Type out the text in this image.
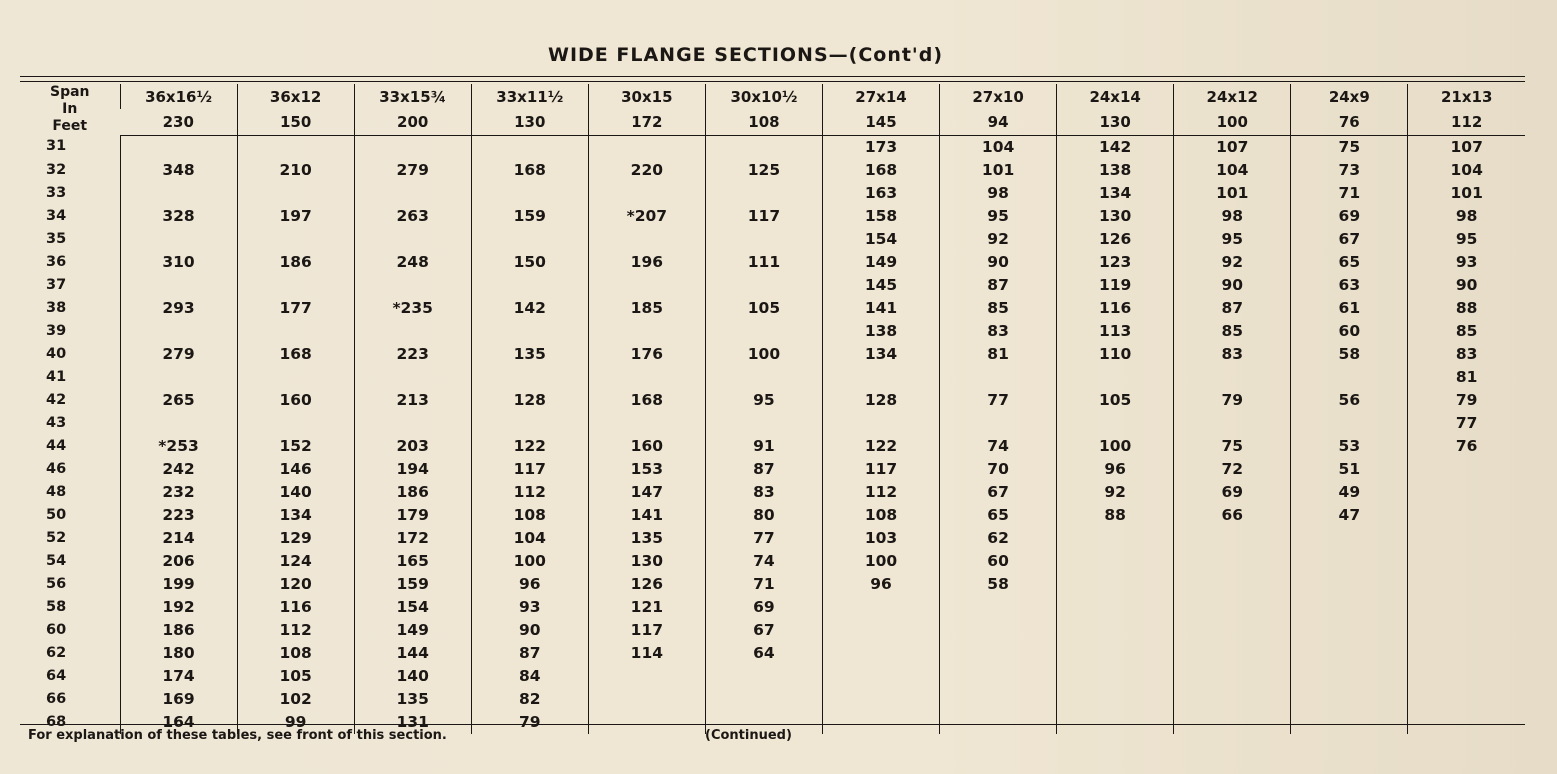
WIDE FLANGE SECTIONS—(Cont'd)
Span
In
Feet	36x16½	36x12	33x15¾	33x11½	30x15	30x10½	27x14	27x10	24x14	24x12	24x9	21x13
	230	150	200	130	172	108	145	94	130	100	76	112
31							173	104	142	107	75	107
32	348	210	279	168	220	125	168	101	138	104	73	104
33							163	98	134	101	71	101
34	328	197	263	159	*207	117	158	95	130	98	69	98
35							154	92	126	95	67	95
36	310	186	248	150	196	111	149	90	123	92	65	93
37							145	87	119	90	63	90
38	293	177	*235	142	185	105	141	85	116	87	61	88
39							138	83	113	85	60	85
40	279	168	223	135	176	100	134	81	110	83	58	83
41												81
42	265	160	213	128	168	95	128	77	105	79	56	79
43												77
44	*253	152	203	122	160	91	122	74	100	75	53	76
46	242	146	194	117	153	87	117	70	96	72	51	
48	232	140	186	112	147	83	112	67	92	69	49	
50	223	134	179	108	141	80	108	65	88	66	47	
52	214	129	172	104	135	77	103	62				
54	206	124	165	100	130	74	100	60				
56	199	120	159	96	126	71	96	58				
58	192	116	154	93	121	69						
60	186	112	149	90	117	67						
62	180	108	144	87	114	64						
64	174	105	140	84								
66	169	102	135	82								
68	164	99	131	79								
For explanation of these tables, see front of this section.	(Continued)
